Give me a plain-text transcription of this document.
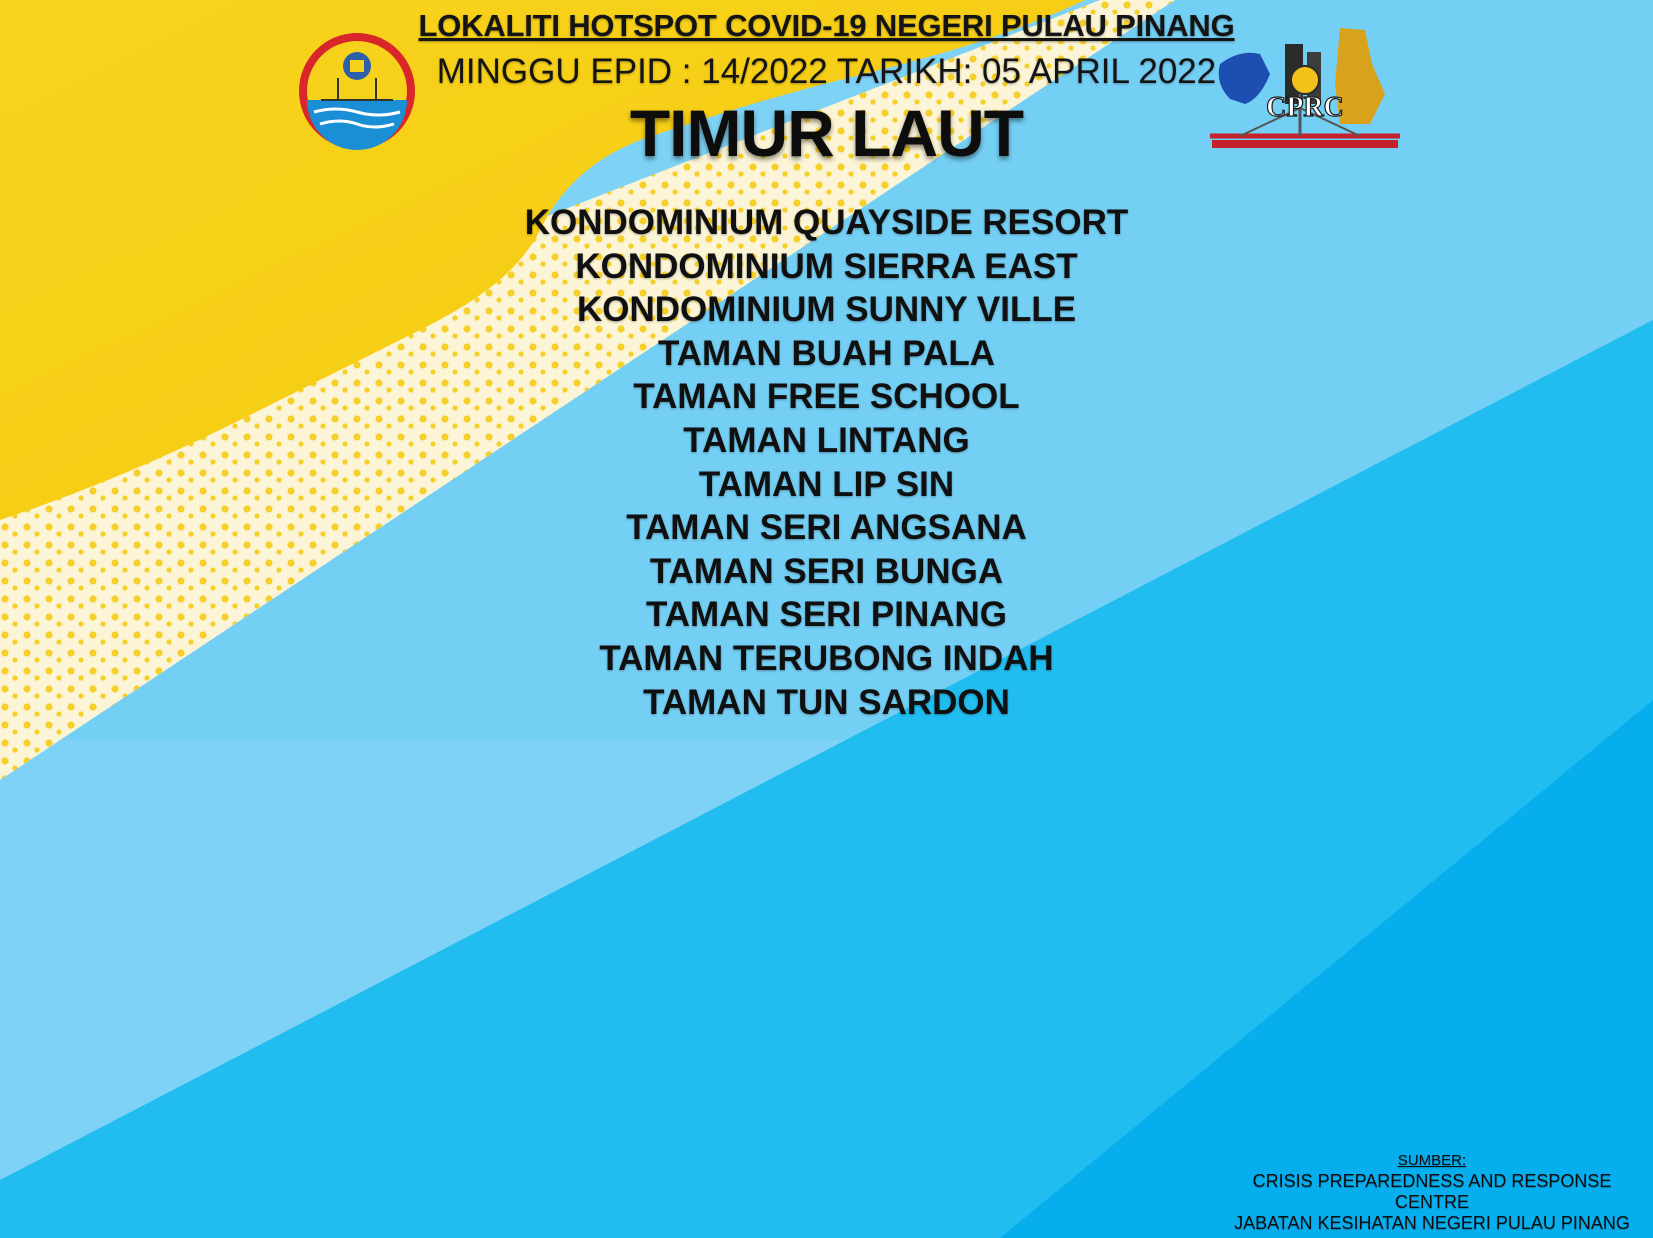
CPRC
LOKALITI HOTSPOT COVID-19 NEGERI PULAU PINANG
MINGGU EPID : 14/2022 TARIKH: 05 APRIL 2022
TIMUR LAUT
KONDOMINIUM QUAYSIDE RESORT
KONDOMINIUM SIERRA EAST
KONDOMINIUM SUNNY VILLE
TAMAN BUAH PALA
TAMAN FREE SCHOOL
TAMAN LINTANG
TAMAN LIP SIN
TAMAN SERI ANGSANA
TAMAN SERI BUNGA
TAMAN SERI PINANG
TAMAN TERUBONG INDAH
TAMAN TUN SARDON
SUMBER:
CRISIS PREPAREDNESS AND RESPONSE
CENTRE
JABATAN KESIHATAN NEGERI PULAU PINANG
